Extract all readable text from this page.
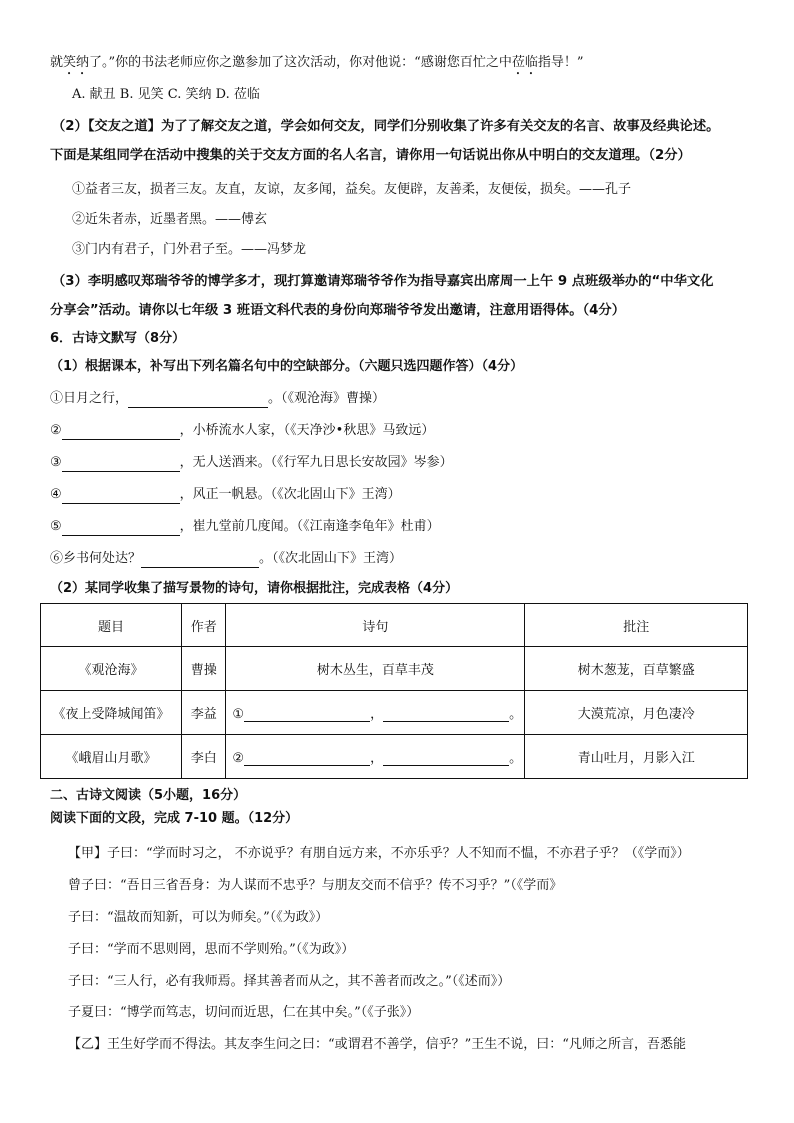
就笑纳了。”你的书法老师应你之邀参加了这次活动，你对他说：“感谢您百忙之中莅临指导！”
A. 献丑 B. 见笑 C. 笑纳 D. 莅临
（2）【交友之道】为了了解交友之道，学会如何交友，同学们分别收集了许多有关交友的名言、故事及经典论述。
下面是某组同学在活动中搜集的关于交友方面的名人名言，请你用一句话说出你从中明白的交友道理。（2分）
①益者三友，损者三友。友直，友谅，友多闻，益矣。友便辟，友善柔，友便佞，损矣。——孔子
②近朱者赤，近墨者黑。——傅玄
③门内有君子，门外君子至。——冯梦龙
（3）李明感叹郑瑞爷爷的博学多才，现打算邀请郑瑞爷爷作为指导嘉宾出席周一上午 9 点班级举办的“中华文化
分享会”活动。请你以七年级 3 班语文科代表的身份向郑瑞爷爷发出邀请，注意用语得体。（4分）
6．古诗文默写（8分）
（1）根据课本，补写出下列名篇名句中的空缺部分。（六题只选四题作答）（4分）
①日月之行，	。（《观沧海》曹操）
②	，小桥流水人家，（《天净沙•秋思》马致远）
③	，无人送酒来。（《行军九日思长安故园》岑参）
④	，风正一帆悬。（《次北固山下》王湾）
⑤	，崔九堂前几度闻。（《江南逢李龟年》杜甫）
⑥乡书何处达？	。（《次北固山下》王湾）
（2）某同学收集了描写景物的诗句，请你根据批注，完成表格（4分）
题目	作者	诗句	批注
《观沧海》	曹操	树木丛生，百草丰茂	树木葱茏，百草繁盛
《夜上受降城闻笛》	李益	① ， 。	大漠荒凉，月色凄冷
《峨眉山月歌》	李白	② ， 。	青山吐月，月影入江
二、古诗文阅读（5小题，16分）
阅读下面的文段，完成 7-10 题。（12分）
【甲】子曰：“学而时习之， 不亦说乎？有朋自远方来，不亦乐乎？人不知而不愠，不亦君子乎？（《学而》）
曾子曰：“吾日三省吾身：为人谋而不忠乎？与朋友交而不信乎？传不习乎？”（《学而》
子曰：“温故而知新，可以为师矣。”（《为政》）
子曰：“学而不思则罔，思而不学则殆。”（《为政》）
子曰：“三人行，必有我师焉。择其善者而从之，其不善者而改之。”（《述而》）
子夏曰：“博学而笃志，切问而近思，仁在其中矣。”（《子张》）
【乙】王生好学而不得法。其友李生问之曰：“或谓君不善学，信乎？”王生不说，曰：“凡师之所言，吾悉能
